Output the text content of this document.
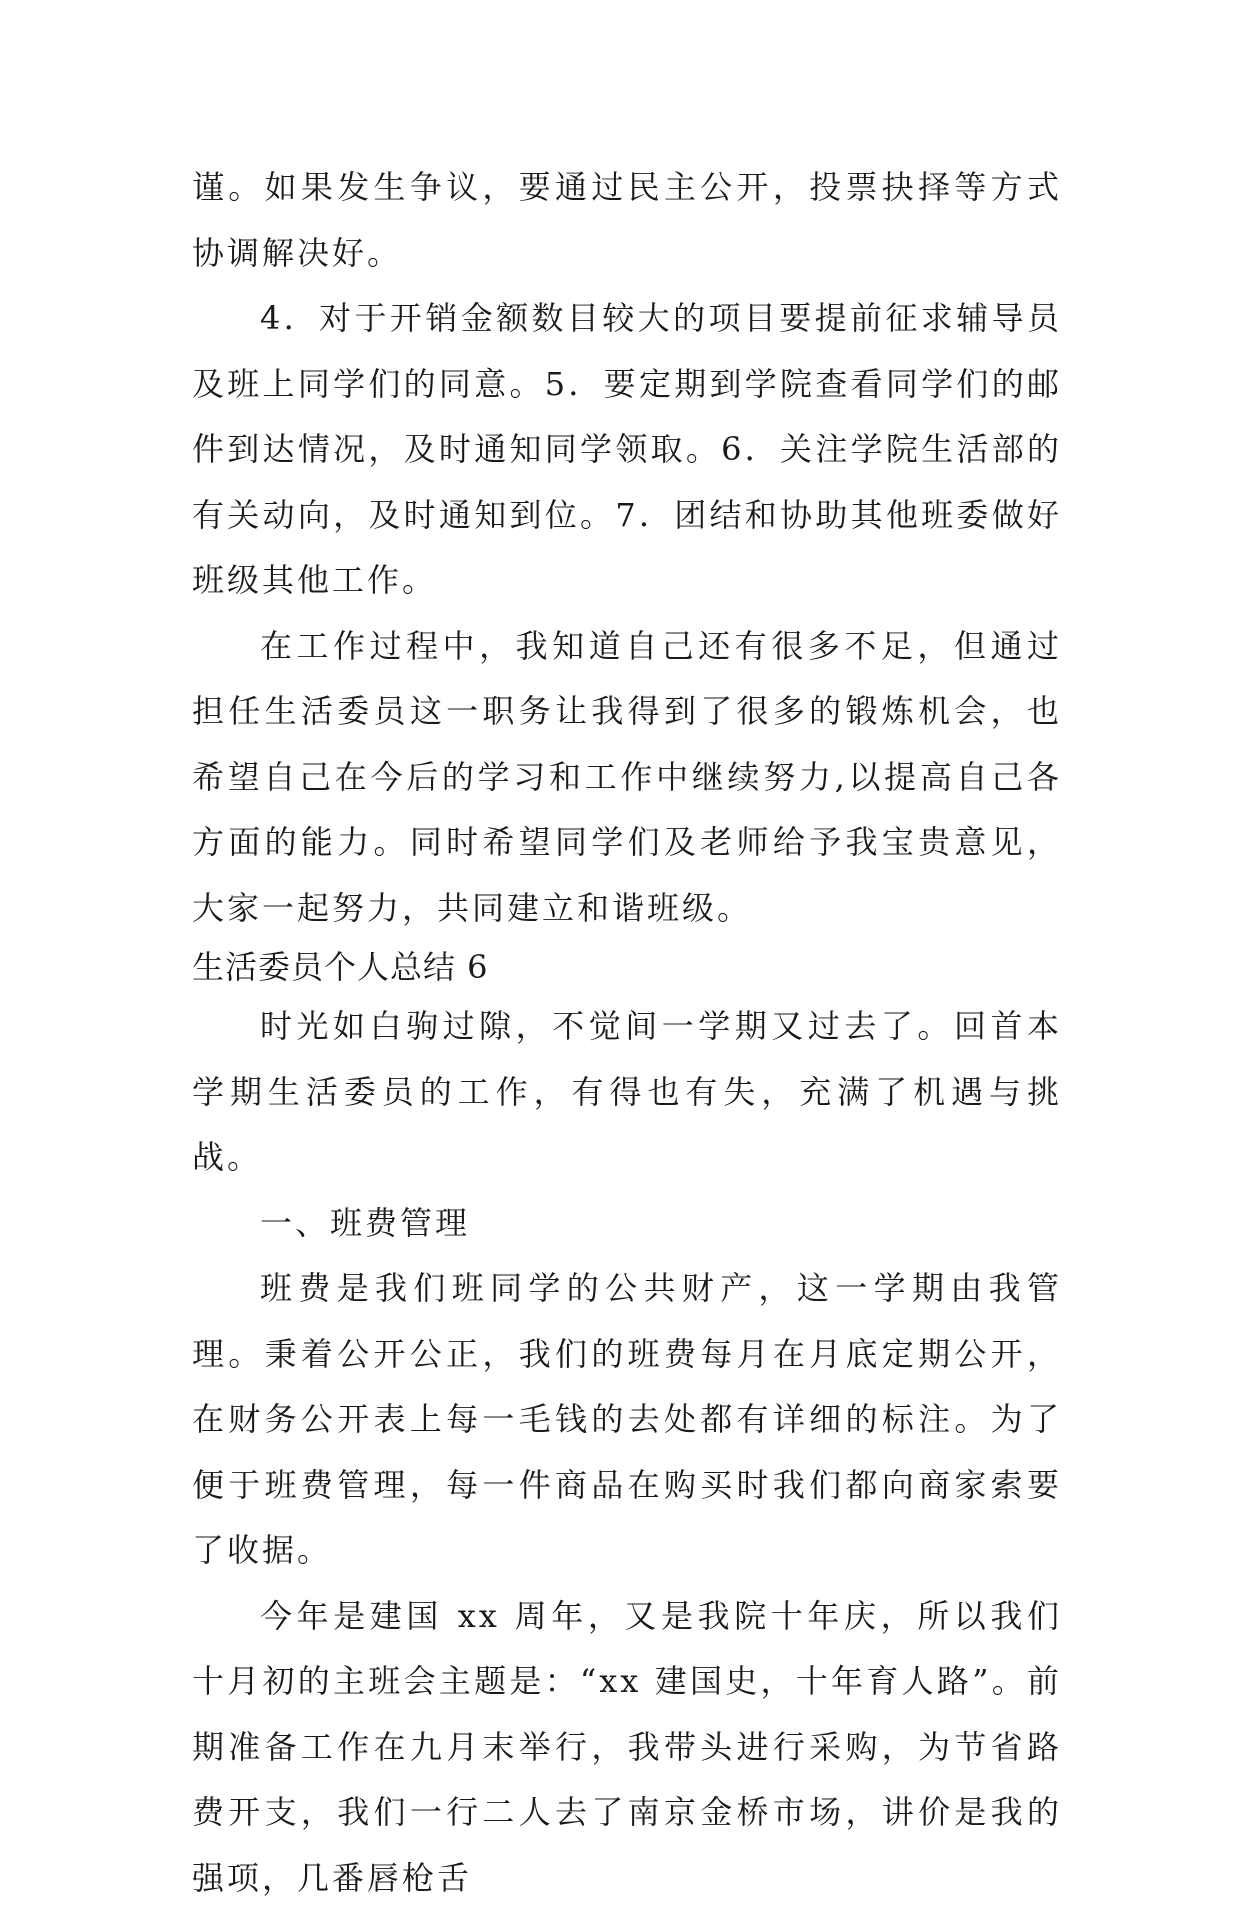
谨。如果发生争议，要通过民主公开，投票抉择等方式协调解决好。

4．对于开销金额数目较大的项目要提前征求辅导员及班上同学们的同意。5．要定期到学院查看同学们的邮件到达情况，及时通知同学领取。6．关注学院生活部的有关动向，及时通知到位。7．团结和协助其他班委做好班级其他工作。

在工作过程中，我知道自己还有很多不足，但通过担任生活委员这一职务让我得到了很多的锻炼机会，也希望自己在今后的学习和工作中继续努力,以提高自己各方面的能力。同时希望同学们及老师给予我宝贵意见，大家一起努力，共同建立和谐班级。

生活委员个人总结 6

时光如白驹过隙，不觉间一学期又过去了。回首本学期生活委员的工作，有得也有失，充满了机遇与挑战。

一、班费管理

班费是我们班同学的公共财产，这一学期由我管理。秉着公开公正，我们的班费每月在月底定期公开，在财务公开表上每一毛钱的去处都有详细的标注。为了便于班费管理，每一件商品在购买时我们都向商家索要了收据。

今年是建国 xx 周年，又是我院十年庆，所以我们十月初的主班会主题是：“xx 建国史，十年育人路”。前期准备工作在九月末举行，我带头进行采购，为节省路费开支，我们一行二人去了南京金桥市场，讲价是我的强项，几番唇枪舌
